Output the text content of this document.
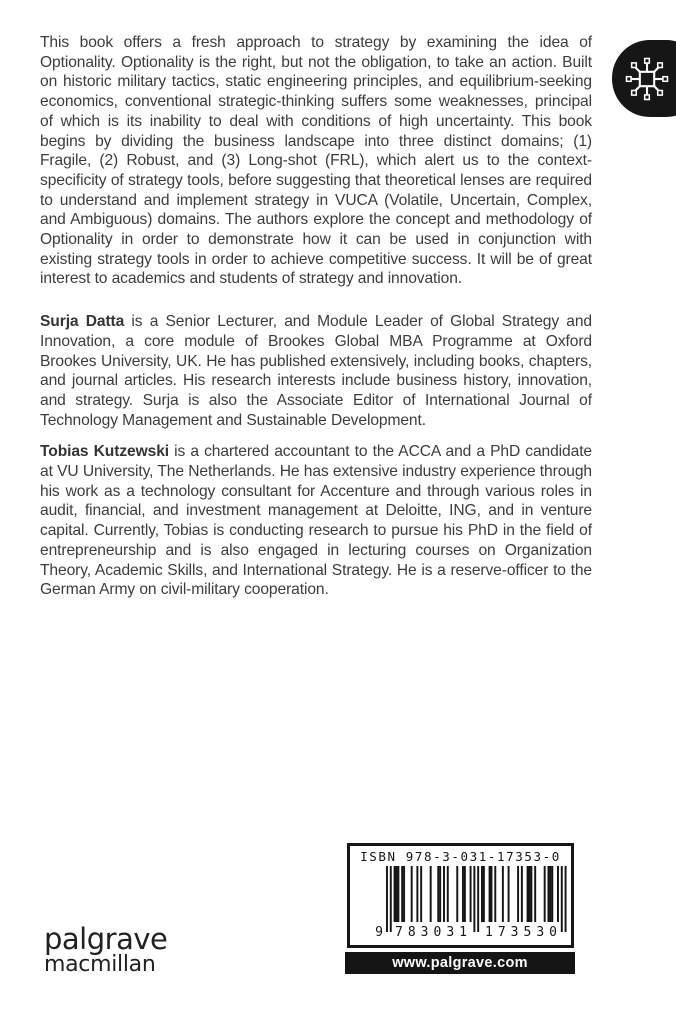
This book offers a fresh approach to strategy by examining the idea of Optionality. Optionality is the right, but not the obligation, to take an action. Built on historic military tactics, static engineering principles, and equilibrium-seeking economics, conventional strategic-thinking suffers some weaknesses, principal of which is its inability to deal with conditions of high uncertainty. This book begins by dividing the business landscape into three distinct domains; (1) Fragile, (2) Robust, and (3) Long-shot (FRL), which alert us to the context-specificity of strategy tools, before suggesting that theoretical lenses are required to understand and implement strategy in VUCA (Volatile, Uncertain, Complex, and Ambiguous) domains. The authors explore the concept and methodology of Optionality in order to demonstrate how it can be used in conjunction with existing strategy tools in order to achieve competitive success. It will be of great interest to academics and students of strategy and innovation.

Surja Datta is a Senior Lecturer, and Module Leader of Global Strategy and Innovation, a core module of Brookes Global MBA Programme at Oxford Brookes University, UK. He has published extensively, including books, chapters, and journal articles. His research interests include business history, innovation, and strategy. Surja is also the Associate Editor of International Journal of Technology Management and Sustainable Development.

Tobias Kutzewski is a chartered accountant to the ACCA and a PhD candidate at VU University, The Netherlands. He has extensive industry experience through his work as a technology consultant for Accenture and through various roles in audit, financial, and investment management at Deloitte, ING, and in venture capital. Currently, Tobias is conducting research to pursue his PhD in the field of entrepreneurship and is also engaged in lecturing courses on Organization Theory, Academic Skills, and International Strategy. He is a reserve-officer to the German Army on civil-military cooperation.

ISBN 978-3-031-17353-0
9 783031 173530
www.palgrave.com
palgrave
macmillan
